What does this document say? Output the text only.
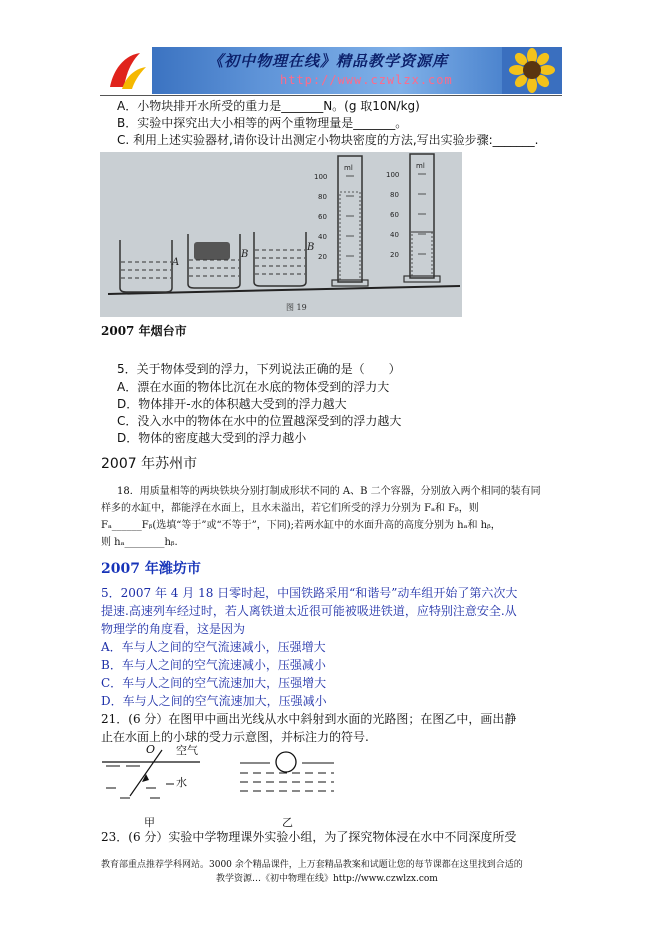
《初中物理在线》精品教学资源库
http://www.czwlzx.com
A．小物块排开水所受的重力是_______N。(g 取10N/kg)
B．实验中探究出大小相等的两个重物理量是_______。
C. 利用上述实验器材,请你设计出测定小物块密度的方法,写出实验步骤:_______.
A
B
B
ml
100
80
60
40
20
ml
100
80
60
40
20
图 19
2007 年烟台市
5．关于物体受到的浮力，下列说法正确的是（　　）
A．漂在水面的物体比沉在水底的物体受到的浮力大
D．物体排开-水的体积越大受到的浮力越大
C．没入水中的物体在水中的位置越深受到的浮力越大
D．物体的密度越大受到的浮力越小
2007 年苏州市
18．用质量相等的两块铁块分别打制成形状不同的 A、B 二个容器，分别放入两个相同的装有同
样多的水缸中，都能浮在水面上，且水未溢出，若它们所受的浮力分别为 Fₐ和 Fᵦ，则
Fₐ______Fᵦ(选填“等于”或“不等于”，下同);若两水缸中的水面升高的高度分别为 hₐ和 hᵦ，
则 hₐ________hᵦ.
2007 年潍坊市
5．2007 年 4 月 18 日零时起，中国铁路采用“和谐号”动车组开始了第六次大
提速.高速列车经过时，若人离铁道太近很可能被吸进铁道，应特别注意安全.从
物理学的角度看，这是因为
A．车与人之间的空气流速减小，压强增大
B．车与人之间的空气流速减小，压强减小
C．车与人之间的空气流速加大，压强增大
D．车与人之间的空气流速加大，压强减小
21．(6 分）在图甲中画出光线从水中斜射到水面的光路图；在图乙中，画出静
止在水面上的小球的受力示意图，并标注力的符号.
O 空气
水
甲	乙
23．(6 分）实验中学物理课外实验小组，为了探究物体浸在水中不同深度所受
教育部重点推荐学科网站。3000 余个精品课件，上万套精品教案和试题让您的每节课都在这里找到合适的
教学资源…《初中物理在线》http://www.czwlzx.com
